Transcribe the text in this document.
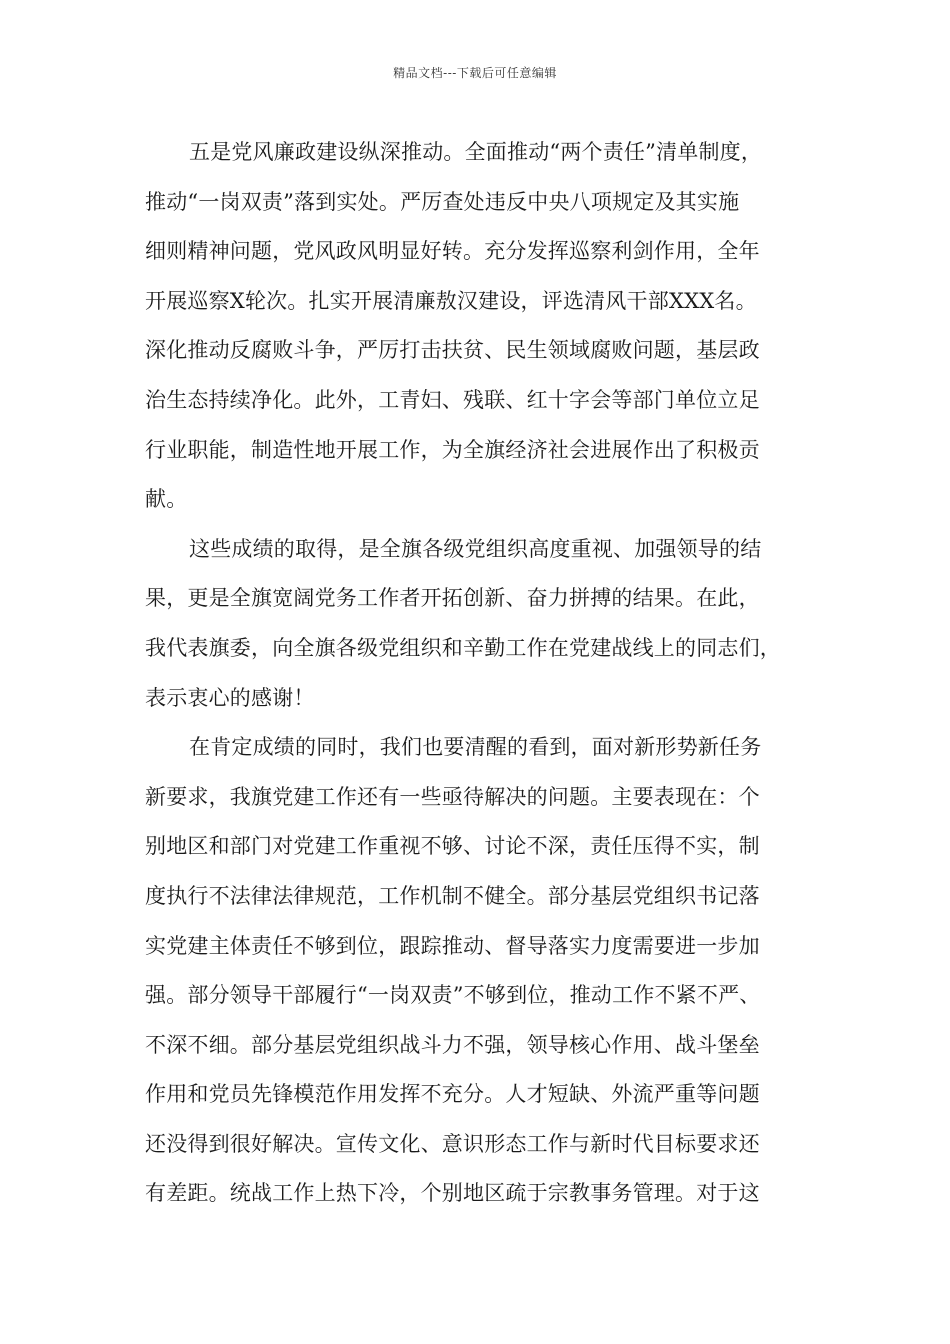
精品文档---下载后可任意编辑
五是党风廉政建设纵深推动。全面推动“两个责任”清单制度，
推动“一岗双责”落到实处。严厉查处违反中央八项规定及其实施
细则精神问题，党风政风明显好转。充分发挥巡察利剑作用，全年
开展巡察X轮次。扎实开展清廉敖汉建设，评选清风干部XXX名。
深化推动反腐败斗争，严厉打击扶贫、民生领域腐败问题，基层政
治生态持续净化。此外，工青妇、残联、红十字会等部门单位立足
行业职能，制造性地开展工作，为全旗经济社会进展作出了积极贡
献。
这些成绩的取得，是全旗各级党组织高度重视、加强领导的结
果，更是全旗宽阔党务工作者开拓创新、奋力拼搏的结果。在此，
我代表旗委，向全旗各级党组织和辛勤工作在党建战线上的同志们，
表示衷心的感谢！
在肯定成绩的同时，我们也要清醒的看到，面对新形势新任务
新要求，我旗党建工作还有一些亟待解决的问题。主要表现在：个
别地区和部门对党建工作重视不够、讨论不深，责任压得不实，制
度执行不法律法律规范，工作机制不健全。部分基层党组织书记落
实党建主体责任不够到位，跟踪推动、督导落实力度需要进一步加
强。部分领导干部履行“一岗双责”不够到位，推动工作不紧不严、
不深不细。部分基层党组织战斗力不强，领导核心作用、战斗堡垒
作用和党员先锋模范作用发挥不充分。人才短缺、外流严重等问题
还没得到很好解决。宣传文化、意识形态工作与新时代目标要求还
有差距。统战工作上热下冷，个别地区疏于宗教事务管理。对于这
